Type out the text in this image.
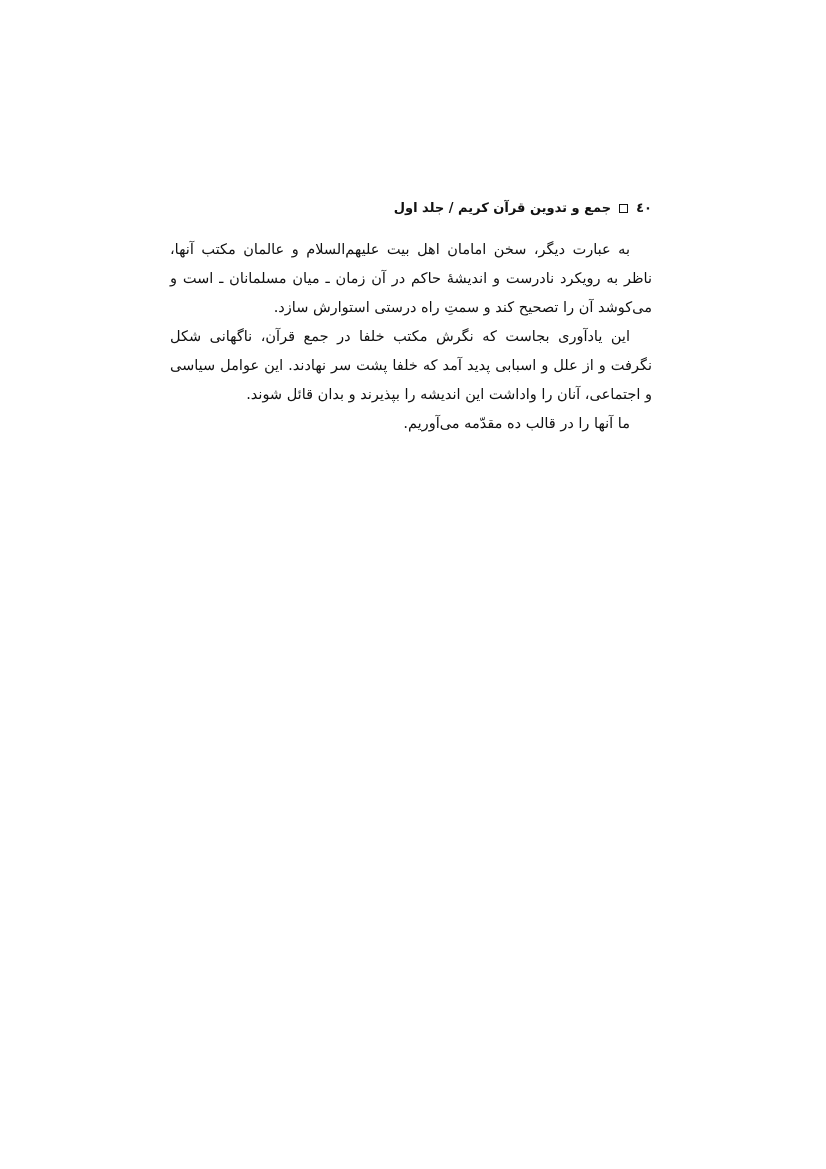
٤٠
جمع و تدوین قرآن کریم / جلد اول

به عبارت دیگر، سخن امامان اهل بیت علیهم‌السلام و عالمان مکتب آنها، ناظر به رویکرد نادرست و اندیشهٔ حاکم در آن زمان ـ میان مسلمانان ـ است و می‌کوشد آن را تصحیح کند و سمتِ راه درستی استوارش سازد.

این یادآوری بجاست که نگرش مکتب خلفا در جمع قرآن، ناگهانی شکل نگرفت و از علل و اسبابی پدید آمد که خلفا پشت سر نهادند. این عوامل سیاسی و اجتماعی، آنان را واداشت این اندیشه را بپذیرند و بدان قائل شوند.

ما آنها را در قالب ده مقدّمه می‌آوریم.
